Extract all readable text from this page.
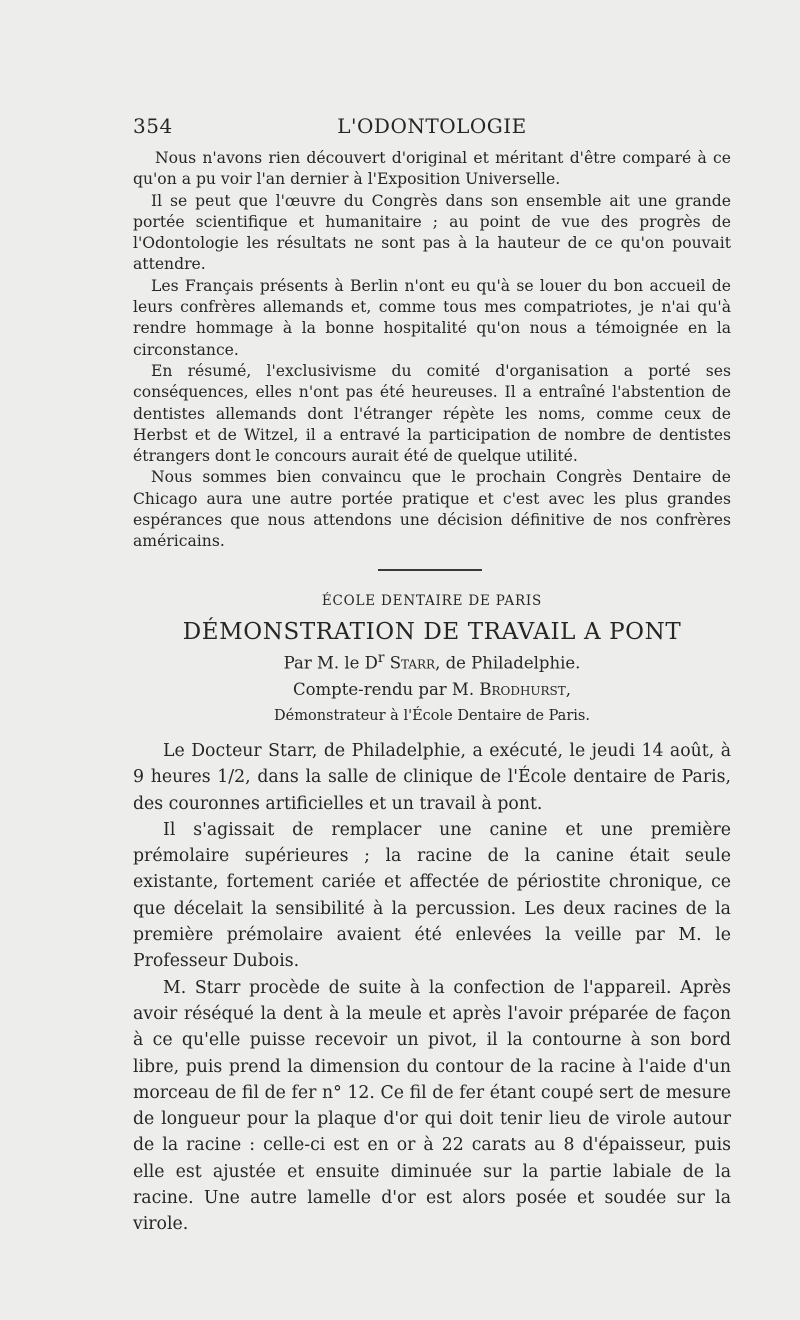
354	L'ODONTOLOGIE

Nous n'avons rien découvert d'original et méritant d'être comparé à ce qu'on a pu voir l'an dernier à l'Exposition Universelle.

Il se peut que l'œuvre du Congrès dans son ensemble ait une grande portée scientifique et humanitaire ; au point de vue des progrès de l'Odontologie les résultats ne sont pas à la hauteur de ce qu'on pouvait attendre.

Les Français présents à Berlin n'ont eu qu'à se louer du bon accueil de leurs confrères allemands et, comme tous mes compatriotes, je n'ai qu'à rendre hommage à la bonne hospitalité qu'on nous a témoignée en la circonstance.

En résumé, l'exclusivisme du comité d'organisation a porté ses conséquences, elles n'ont pas été heureuses. Il a entraîné l'abstention de dentistes allemands dont l'étranger répète les noms, comme ceux de Herbst et de Witzel, il a entravé la participation de nombre de dentistes étrangers dont le concours aurait été de quelque utilité.

Nous sommes bien convaincu que le prochain Congrès Dentaire de Chicago aura une autre portée pratique et c'est avec les plus grandes espérances que nous attendons une décision définitive de nos confrères américains.

ÉCOLE DENTAIRE DE PARIS
DÉMONSTRATION DE TRAVAIL A PONT
Par M. le $D^r$ Starr, de Philadelphie.
Compte-rendu par M. Brodhurst,
Démonstrateur à l'École Dentaire de Paris.

Le Docteur Starr, de Philadelphie, a exécuté, le jeudi 14 août, à 9 heures 1/2, dans la salle de clinique de l'École dentaire de Paris, des couronnes artificielles et un travail à pont.

Il s'agissait de remplacer une canine et une première prémolaire supérieures ; la racine de la canine était seule existante, fortement cariée et affectée de périostite chronique, ce que décelait la sensibilité à la percussion. Les deux racines de la première prémolaire avaient été enlevées la veille par M. le Professeur Dubois.

M. Starr procède de suite à la confection de l'appareil. Après avoir réséqué la dent à la meule et après l'avoir préparée de façon à ce qu'elle puisse recevoir un pivot, il la contourne à son bord libre, puis prend la dimension du contour de la racine à l'aide d'un morceau de fil de fer n° 12. Ce fil de fer étant coupé sert de mesure de longueur pour la plaque d'or qui doit tenir lieu de virole autour de la racine : celle-ci est en or à 22 carats au 8 d'épaisseur, puis elle est ajustée et ensuite diminuée sur la partie labiale de la racine. Une autre lamelle d'or est alors posée et soudée sur la virole.
